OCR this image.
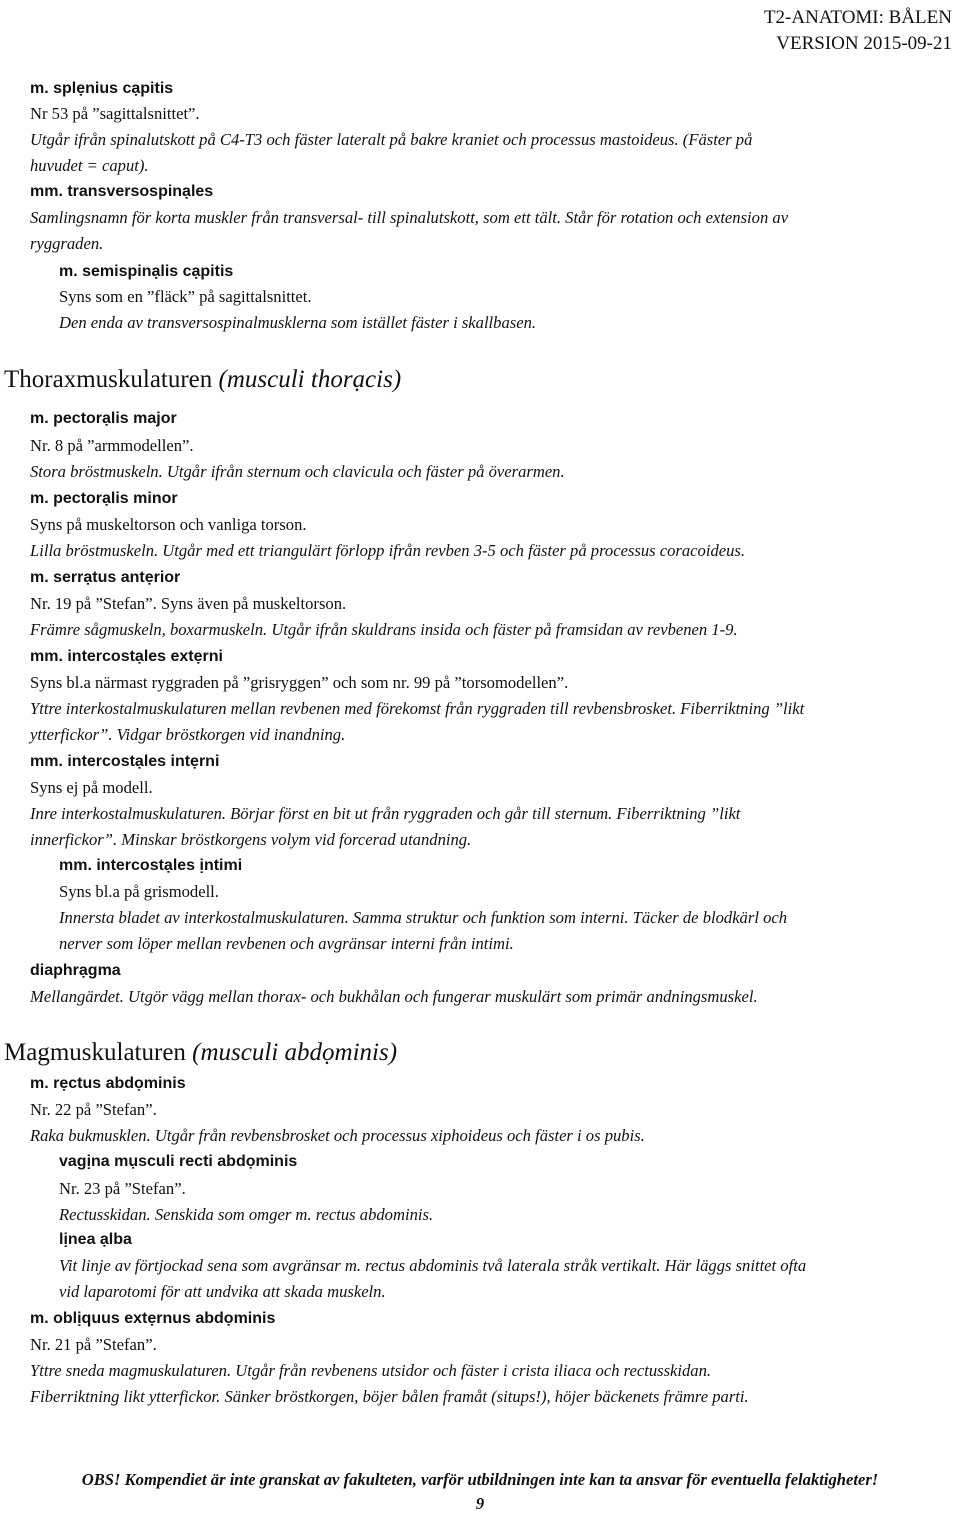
T2-ANATOMI: BÅLEN
VERSION 2015-09-21
m. splẹnius cạpitis
Nr 53 på ”sagittalsnittet”.
Utgår ifrån spinalutskott på C4-T3 och fäster lateralt på bakre kraniet och processus mastoideus. (Fäster på
huvudet = caput).
mm. transversospinạles
Samlingsnamn för korta muskler från transversal- till spinalutskott, som ett tält. Står för rotation och extension av
ryggraden.
m. semispinạlis cạpitis
Syns som en ”fläck” på sagittalsnittet.
Den enda av transversospinalmusklerna som istället fäster i skallbasen.
Thoraxmuskulaturen (musculi thorạcis)
m. pectorạlis major
Nr. 8 på ”armmodellen”.
Stora bröstmuskeln. Utgår ifrån sternum och clavicula och fäster på överarmen.
m. pectorạlis minor
Syns på muskeltorson och vanliga torson.
Lilla bröstmuskeln. Utgår med ett triangulärt förlopp ifrån revben 3-5 och fäster på processus coracoideus.
m. serrạtus antẹrior
Nr. 19 på ”Stefan”. Syns även på muskeltorson.
Främre sågmuskeln, boxarmuskeln. Utgår ifrån skuldrans insida och fäster på framsidan av revbenen 1-9.
mm. intercostạles extẹrni
Syns bl.a närmast ryggraden på ”grisryggen” och som nr. 99 på ”torsomodellen”.
Yttre interkostalmuskulaturen mellan revbenen med förekomst från ryggraden till revbensbrosket. Fiberriktning ”likt
ytterfickor”. Vidgar bröstkorgen vid inandning.
mm. intercostạles intẹrni
Syns ej på modell.
Inre interkostalmuskulaturen. Börjar först en bit ut från ryggraden och går till sternum. Fiberriktning ”likt
innerfickor”. Minskar bröstkorgens volym vid forcerad utandning.
mm. intercostạles ịntimi
Syns bl.a på grismodell.
Innersta bladet av interkostalmuskulaturen. Samma struktur och funktion som interni. Täcker de blodkärl och
nerver som löper mellan revbenen och avgränsar interni från intimi.
diaphrạgma
Mellangärdet. Utgör vägg mellan thorax- och bukhålan och fungerar muskulärt som primär andningsmuskel.
Magmuskulaturen (musculi abdọminis)
m. rẹctus abdọminis
Nr. 22 på ”Stefan”.
Raka bukmusklen. Utgår från revbensbrosket och processus xiphoideus och fäster i os pubis.
vagịna mụsculi recti abdọminis
Nr. 23 på ”Stefan”.
Rectusskidan. Senskida som omger m. rectus abdominis.
lịnea ạlba
Vit linje av förtjockad sena som avgränsar m. rectus abdominis två laterala stråk vertikalt. Här läggs snittet ofta
vid laparotomi för att undvika att skada muskeln.
m. oblịquus extẹrnus abdọminis
Nr. 21 på ”Stefan”.
Yttre sneda magmuskulaturen. Utgår från revbenens utsidor och fäster i crista iliaca och rectusskidan.
Fiberriktning likt ytterfickor. Sänker bröstkorgen, böjer bålen framåt (situps!), höjer bäckenets främre parti.
OBS! Kompendiet är inte granskat av fakulteten, varför utbildningen inte kan ta ansvar för eventuella felaktigheter!
9
